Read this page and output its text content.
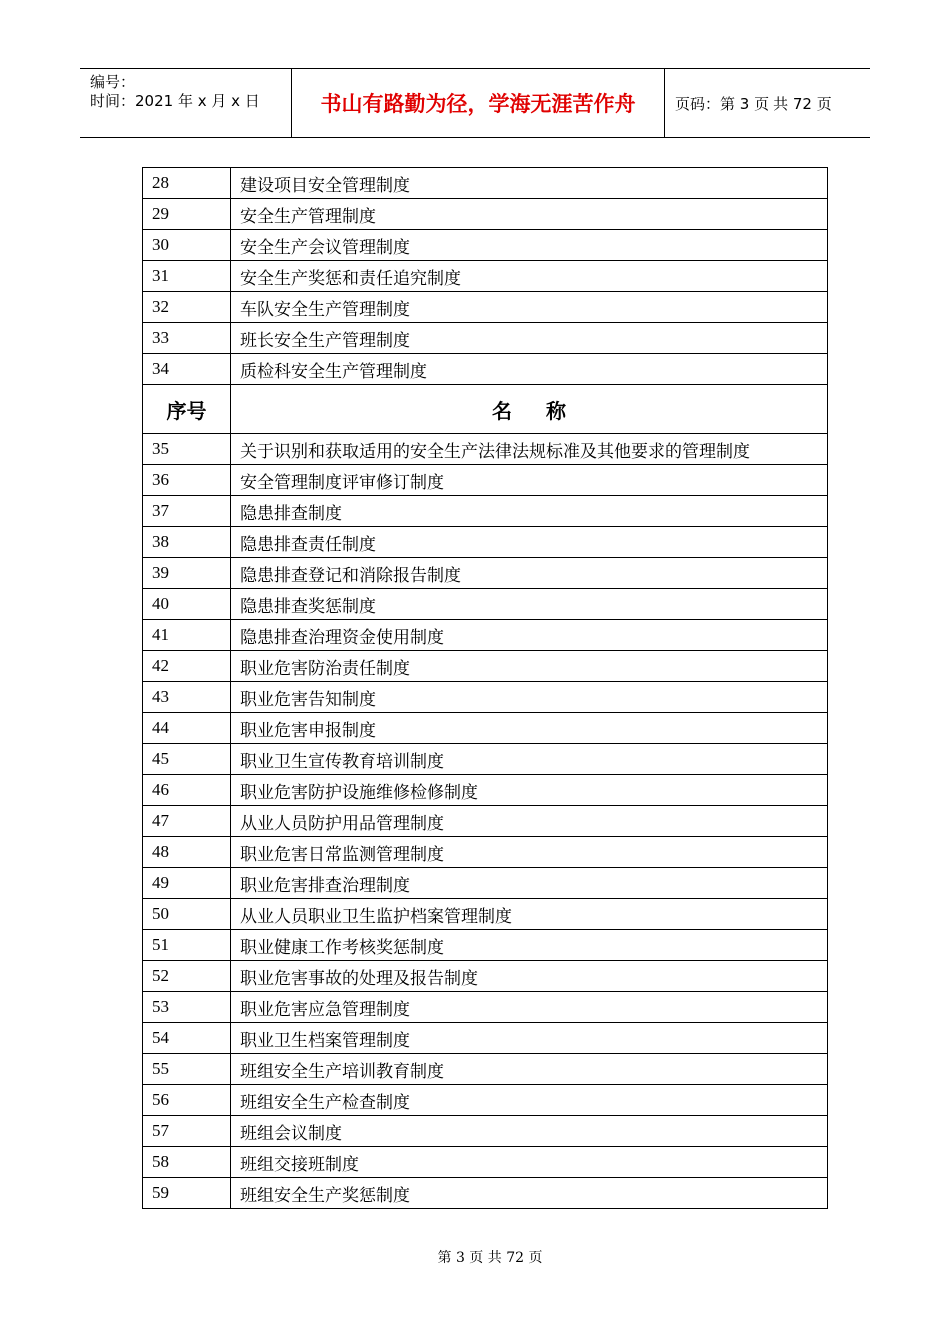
编号：
时间：2021 年 x 月 x 日	书山有路勤为径，学海无涯苦作舟	页码：第 3 页 共 72 页
28	建设项目安全管理制度
29	安全生产管理制度
30	安全生产会议管理制度
31	安全生产奖惩和责任追究制度
32	车队安全生产管理制度
33	班长安全生产管理制度
34	质检科安全生产管理制度
序号	名称
35	关于识别和获取适用的安全生产法律法规标准及其他要求的管理制度
36	安全管理制度评审修订制度
37	隐患排查制度
38	隐患排查责任制度
39	隐患排查登记和消除报告制度
40	隐患排查奖惩制度
41	隐患排查治理资金使用制度
42	职业危害防治责任制度
43	职业危害告知制度
44	职业危害申报制度
45	职业卫生宣传教育培训制度
46	职业危害防护设施维修检修制度
47	从业人员防护用品管理制度
48	职业危害日常监测管理制度
49	职业危害排查治理制度
50	从业人员职业卫生监护档案管理制度
51	职业健康工作考核奖惩制度
52	职业危害事故的处理及报告制度
53	职业危害应急管理制度
54	职业卫生档案管理制度
55	班组安全生产培训教育制度
56	班组安全生产检查制度
57	班组会议制度
58	班组交接班制度
59	班组安全生产奖惩制度
第 3 页 共 72 页
